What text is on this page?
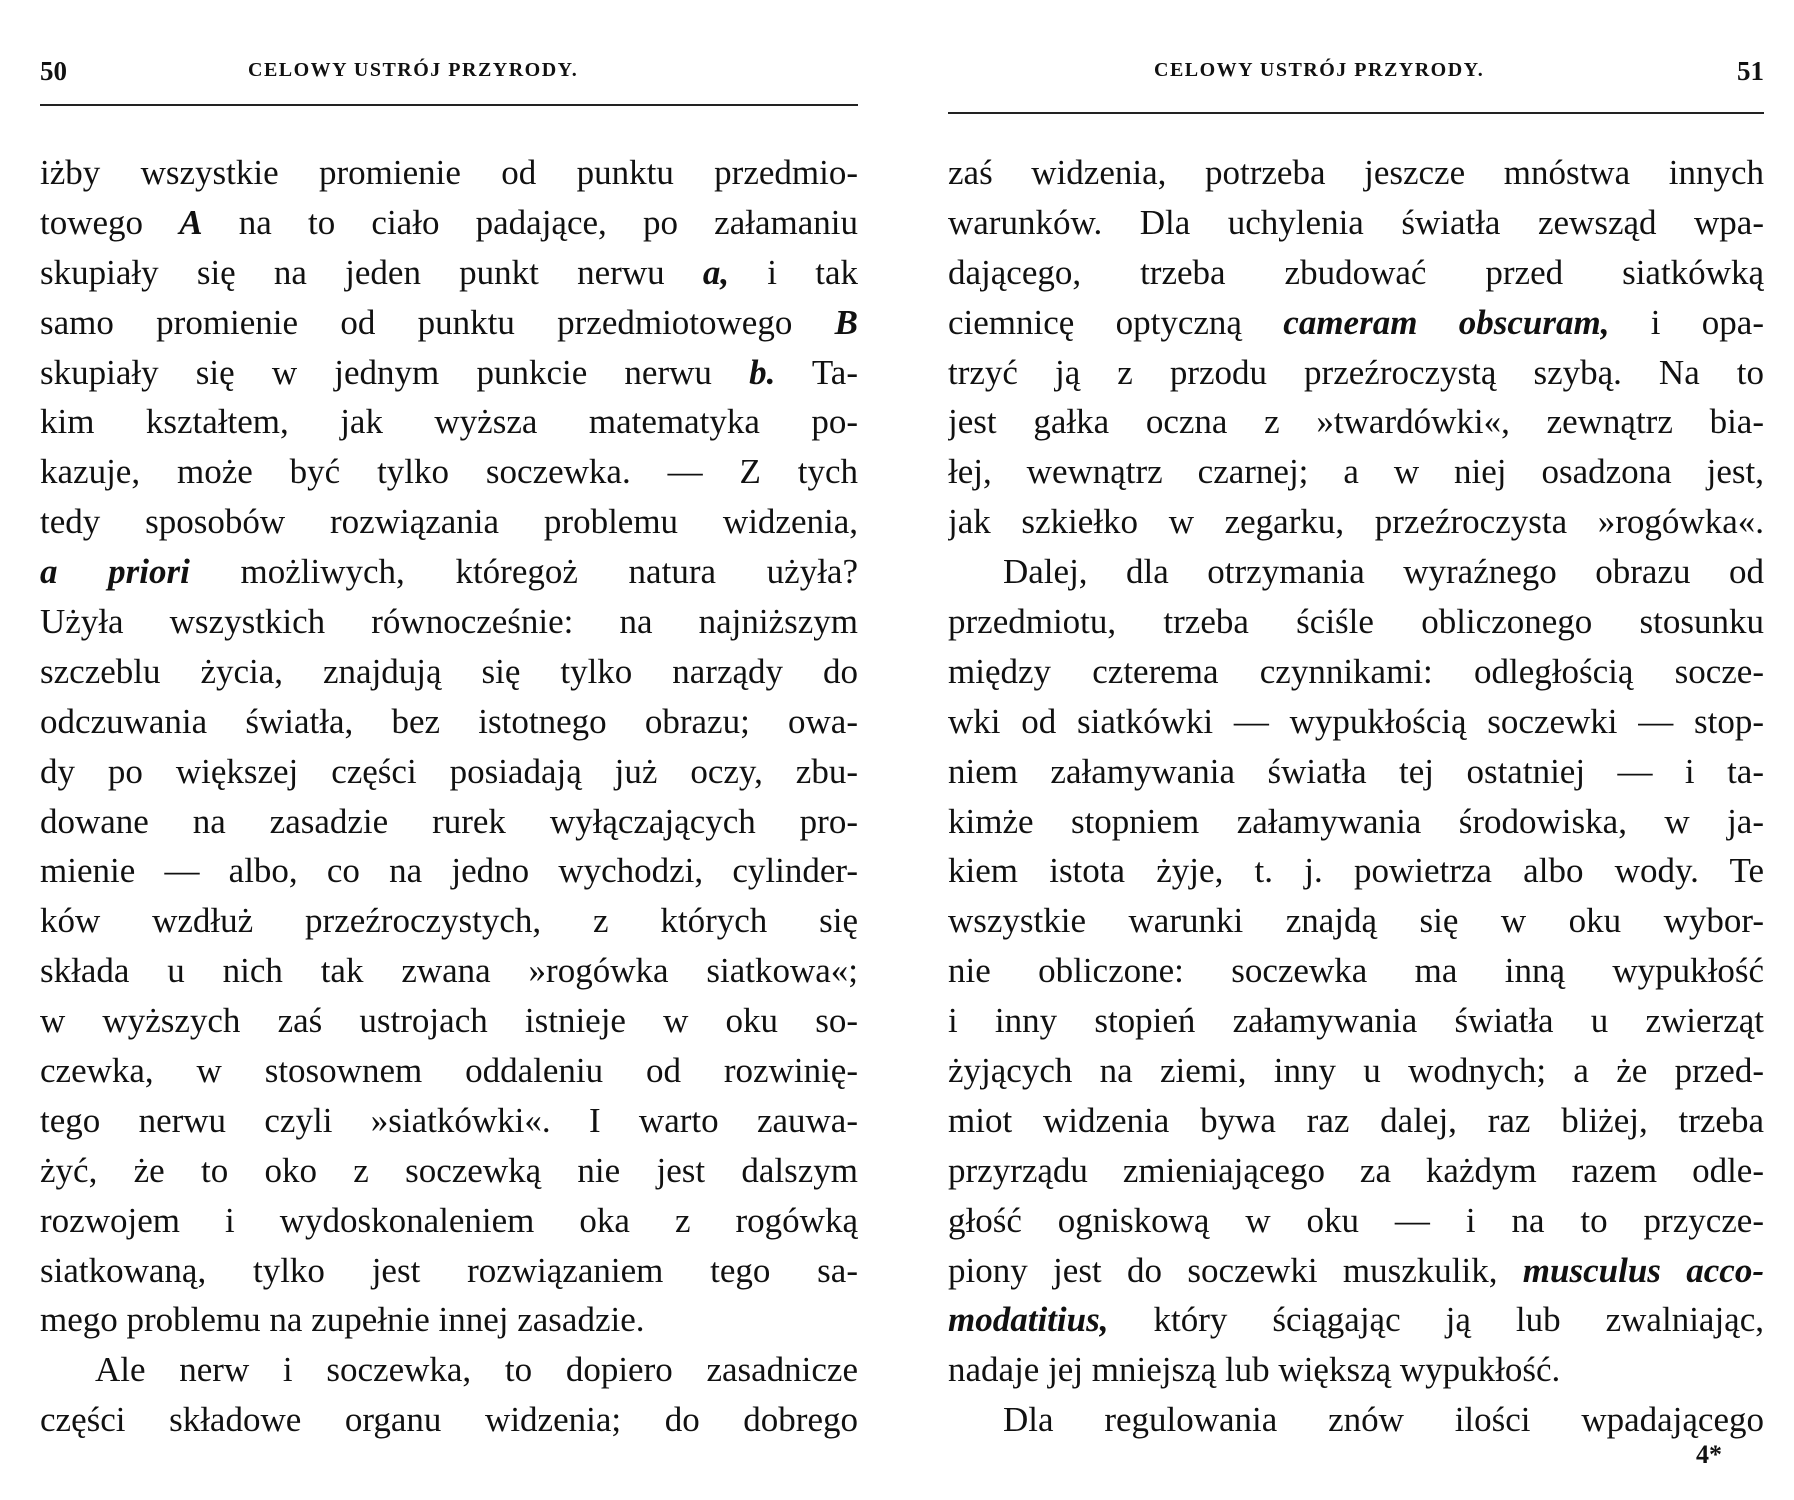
50	CELOWY USTRÓJ PRZYRODY.
iżby wszystkie promienie od punktu przedmio-
towego A na to ciało padające, po załamaniu
skupiały się na jeden punkt nerwu a, i tak
samo promienie od punktu przedmiotowego B
skupiały się w jednym punkcie nerwu b. Ta-
kim kształtem, jak wyższa matematyka po-
kazuje, może być tylko soczewka. — Z tych
tedy sposobów rozwiązania problemu widzenia,
a priori możliwych, któregoż natura użyła?
Użyła wszystkich równocześnie: na najniższym
szczeblu życia, znajdują się tylko narządy do
odczuwania światła, bez istotnego obrazu; owa-
dy po większej części posiadają już oczy, zbu-
dowane na zasadzie rurek wyłączających pro-
mienie — albo, co na jedno wychodzi, cylinder-
ków wzdłuż przeźroczystych, z których się
składa u nich tak zwana »rogówka siatkowa«;
w wyższych zaś ustrojach istnieje w oku so-
czewka, w stosownem oddaleniu od rozwinię-
tego nerwu czyli »siatkówki«. I warto zauwa-
żyć, że to oko z soczewką nie jest dalszym
rozwojem i wydoskonaleniem oka z rogówką
siatkowaną, tylko jest rozwiązaniem tego sa-
mego problemu na zupełnie innej zasadzie.
Ale nerw i soczewka, to dopiero zasadnicze
części składowe organu widzenia; do dobrego
CELOWY USTRÓJ PRZYRODY.	51
zaś widzenia, potrzeba jeszcze mnóstwa innych
warunków. Dla uchylenia światła zewsząd wpa-
dającego, trzeba zbudować przed siatkówką
ciemnicę optyczną cameram obscuram, i opa-
trzyć ją z przodu przeźroczystą szybą. Na to
jest gałka oczna z »twardówki«, zewnątrz bia-
łej, wewnątrz czarnej; a w niej osadzona jest,
jak szkiełko w zegarku, przeźroczysta »rogówka«.
Dalej, dla otrzymania wyraźnego obrazu od
przedmiotu, trzeba ściśle obliczonego stosunku
między czterema czynnikami: odległością socze-
wki od siatkówki — wypukłością soczewki — stop-
niem załamywania światła tej ostatniej — i ta-
kimże stopniem załamywania środowiska, w ja-
kiem istota żyje, t. j. powietrza albo wody. Te
wszystkie warunki znajdą się w oku wybor-
nie obliczone: soczewka ma inną wypukłość
i inny stopień załamywania światła u zwierząt
żyjących na ziemi, inny u wodnych; a że przed-
miot widzenia bywa raz dalej, raz bliżej, trzeba
przyrządu zmieniającego za każdym razem odle-
głość ogniskową w oku — i na to przycze-
piony jest do soczewki muszkulik, musculus acco-
modatitius, który ściągając ją lub zwalniając,
nadaje jej mniejszą lub większą wypukłość.
Dla regulowania znów ilości wpadającego
4*
